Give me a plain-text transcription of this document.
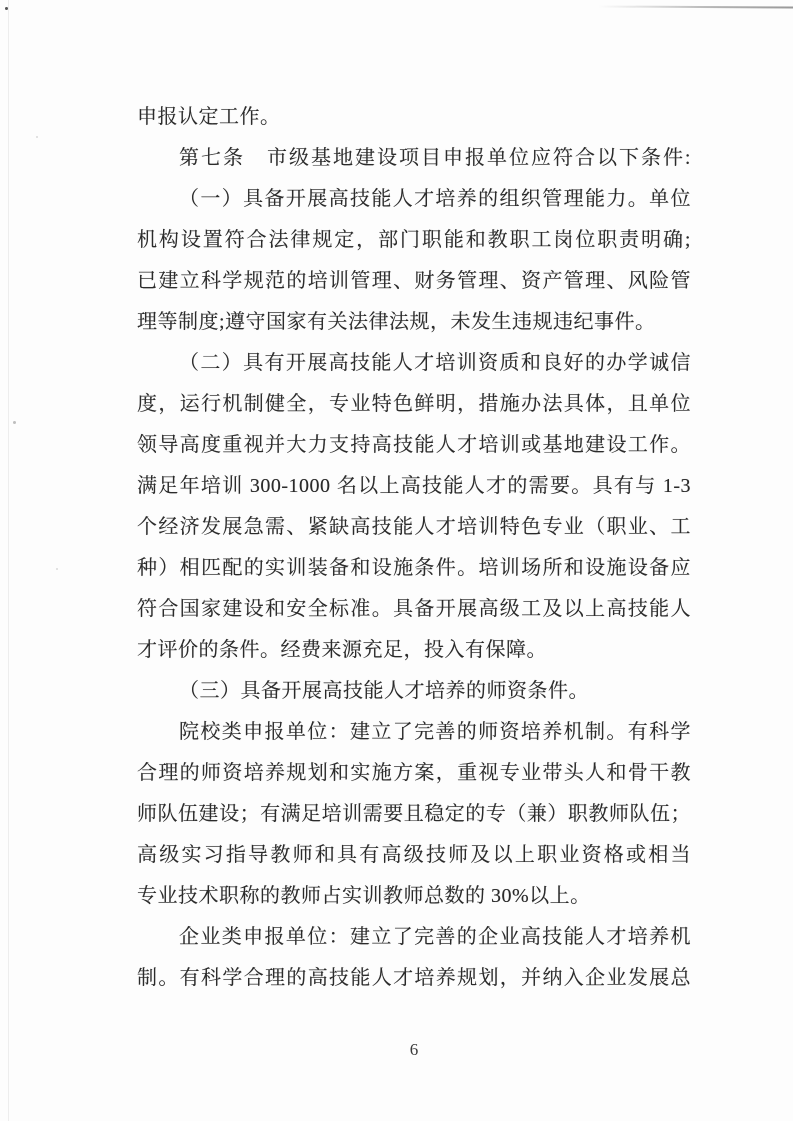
申报认定工作。
第七条　市级基地建设项目申报单位应符合以下条件:
（一）具备开展高技能人才培养的组织管理能力。单位
机构设置符合法律规定，部门职能和教职工岗位职责明确;
已建立科学规范的培训管理、财务管理、资产管理、风险管
理等制度;遵守国家有关法律法规，未发生违规违纪事件。
（二）具有开展高技能人才培训资质和良好的办学诚信
度，运行机制健全，专业特色鲜明，措施办法具体，且单位
领导高度重视并大力支持高技能人才培训或基地建设工作。
满足年培训 300-1000 名以上高技能人才的需要。具有与 1-3
个经济发展急需、紧缺高技能人才培训特色专业（职业、工
种）相匹配的实训装备和设施条件。培训场所和设施设备应
符合国家建设和安全标准。具备开展高级工及以上高技能人
才评价的条件。经费来源充足，投入有保障。
（三）具备开展高技能人才培养的师资条件。
院校类申报单位：建立了完善的师资培养机制。有科学
合理的师资培养规划和实施方案，重视专业带头人和骨干教
师队伍建设；有满足培训需要且稳定的专（兼）职教师队伍；
高级实习指导教师和具有高级技师及以上职业资格或相当
专业技术职称的教师占实训教师总数的 30%以上。
企业类申报单位：建立了完善的企业高技能人才培养机
制。有科学合理的高技能人才培养规划，并纳入企业发展总
6
